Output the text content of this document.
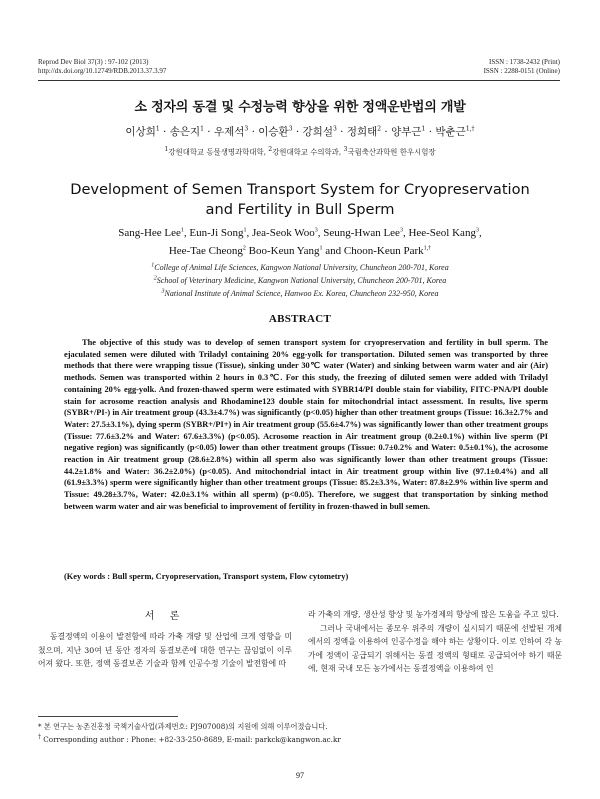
Reprod Dev Biol 37(3) : 97-102 (2013)
http://dx.doi.org/10.12749/RDB.2013.37.3.97
ISSN : 1738-2432 (Print)
ISSN : 2288-0151 (Online)
소 정자의 동결 및 수정능력 향상을 위한 정액운반법의 개발
이상희$^1$ · 송은지$^1$ · 우제석$^3$ · 이승환$^3$ · 강희설$^3$ · 정희태$^2$ · 양부근$^1$ · 박춘근$^{1,\dagger}$
$^1$강원대학교 동물생명과학대학, $^2$강원대학교 수의학과, $^3$국립축산과학원 한우시험장
Development of Semen Transport System for Cryopreservation
and Fertility in Bull Sperm
Sang-Hee Lee$^1$, Eun-Ji Song$^1$, Jea-Seok Woo$^3$, Seung-Hwan Lee$^3$, Hee-Seol Kang$^3$,
Hee-Tae Cheong$^2$ Boo-Keun Yang$^1$ and Choon-Keun Park$^{1,\dagger}$
$^1$College of Animal Life Sciences, Kangwon National University, Chuncheon 200-701, Korea
$^2$School of Veterinary Medicine, Kangwon National University, Chuncheon 200-701, Korea
$^3$National Institute of Animal Science, Hanwoo Ex. Korea, Chuncheon 232-950, Korea
ABSTRACT

The objective of this study was to develop of semen transport system for cryopreservation and fertility in bull sperm. The ejaculated semen were diluted with Triladyl containing 20% egg-yolk for transportation. Diluted semen was transported by three methods that there were wrapping tissue (Tissue), sinking under 30℃ water (Water) and sinking between warm water and air (Air) methods. Semen was transported within 2 hours in 0.3℃. For this study, the freezing of diluted semen were added with Triladyl containing 20% egg-yolk. And frozen-thawed sperm were estimated with SYBR14/PI double stain for viability, FITC-PNA/PI double stain for acrosome reaction analysis and Rhodamine123 double stain for mitochondrial intact assessment. In results, live sperm (SYBR+/PI-) in Air treatment group (43.3±4.7%) was significantly (p<0.05) higher than other treatment groups (Tissue: 16.3±2.7% and Water: 27.5±3.1%), dying sperm (SYBR+/PI+) in Air treatment group (55.6±4.7%) was significantly lower than other treatment groups (Tissue: 77.6±3.2% and Water: 67.6±3.3%) (p<0.05). Acrosome reaction in Air treatment group (0.2±0.1%) within live sperm (PI negative region) was significantly (p<0.05) lower than other treatment groups (Tissue: 0.7±0.2% and Water: 0.5±0.1%), the acrosome reaction in Air treatment group (28.6±2.8%) within all sperm also was significantly lower than other treatment groups (Tissue: 44.2±1.8% and Water: 36.2±2.0%) (p<0.05). And mitochondrial intact in Air treatment group within live (97.1±0.4%) and all (61.9±3.3%) sperm were significantly higher than other treatment groups (Tissue: 85.2±3.3%, Water: 87.8±2.9% within live sperm and Tissue: 49.28±3.7%, Water: 42.0±3.1% within all sperm) (p<0.05). Therefore, we suggest that transportation by sinking method between warm water and air was beneficial to improvement of fertility in frozen-thawed in bull semen.

(Key words : Bull sperm, Cryopreservation, Transport system, Flow cytometry)

서 론

동결정액의 이용이 발전함에 따라 가축 개량 및 산업에 크게 영향을 미쳤으며, 지난 30여 년 동안 정자의 동결보존에 대한 연구는 끊임없이 이루어져 왔다. 또한, 정액 동결보존 기술과 함께 인공수정 기술이 발전함에 따

라 가축의 개량, 생산성 향상 및 농가경제의 향상에 많은 도움을 주고 있다.

그러나 국내에서는 종모우 위주의 개량이 실시되기 때문에 선발된 개체에서의 정액을 이용하여 인공수정을 해야 하는 상황이다. 이로 인하여 각 농가에 정액이 공급되기 위해서는 동결 정액의 형태로 공급되어야 하기 때문에, 현재 국내 모든 농가에서는 동결정액을 이용하여 인

* 본 연구는 농촌진흥청 국책기술사업(과제번호: PJ907008)의 지원에 의해 이루어졌습니다.
† Corresponding author : Phone: +82-33-250-8689, E-mail: parkck@kangwon.ac.kr
97
